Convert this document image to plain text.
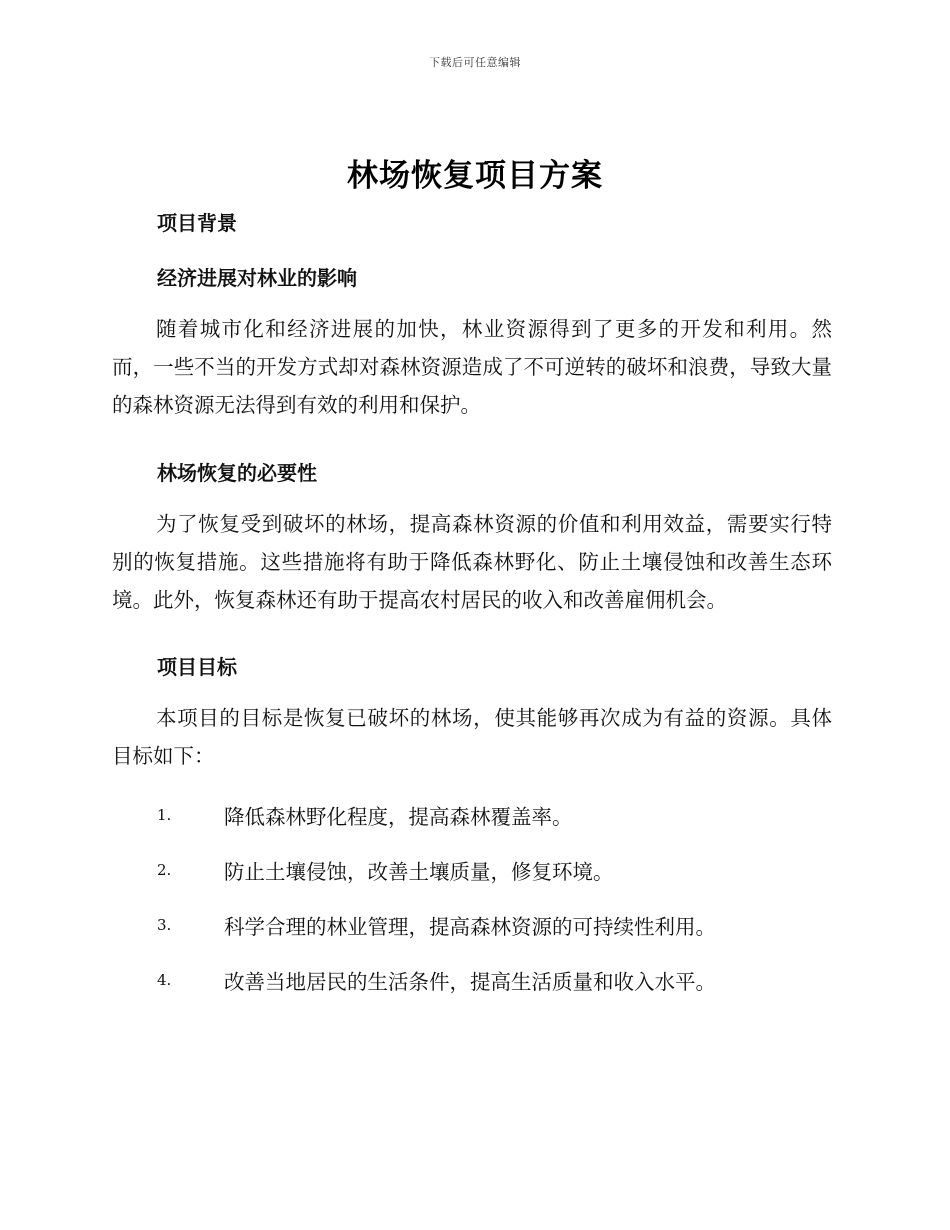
下载后可任意编辑
林场恢复项目方案
项目背景
经济进展对林业的影响
随着城市化和经济进展的加快，林业资源得到了更多的开发和利用。然而，一些不当的开发方式却对森林资源造成了不可逆转的破坏和浪费，导致大量的森林资源无法得到有效的利用和保护。
林场恢复的必要性
为了恢复受到破坏的林场，提高森林资源的价值和利用效益，需要实行特别的恢复措施。这些措施将有助于降低森林野化、防止土壤侵蚀和改善生态环境。此外，恢复森林还有助于提高农村居民的收入和改善雇佣机会。
项目目标
本项目的目标是恢复已破坏的林场，使其能够再次成为有益的资源。具体目标如下：
1.	降低森林野化程度，提高森林覆盖率。
2.	防止土壤侵蚀，改善土壤质量，修复环境。
3.	科学合理的林业管理，提高森林资源的可持续性利用。
4.	改善当地居民的生活条件，提高生活质量和收入水平。
